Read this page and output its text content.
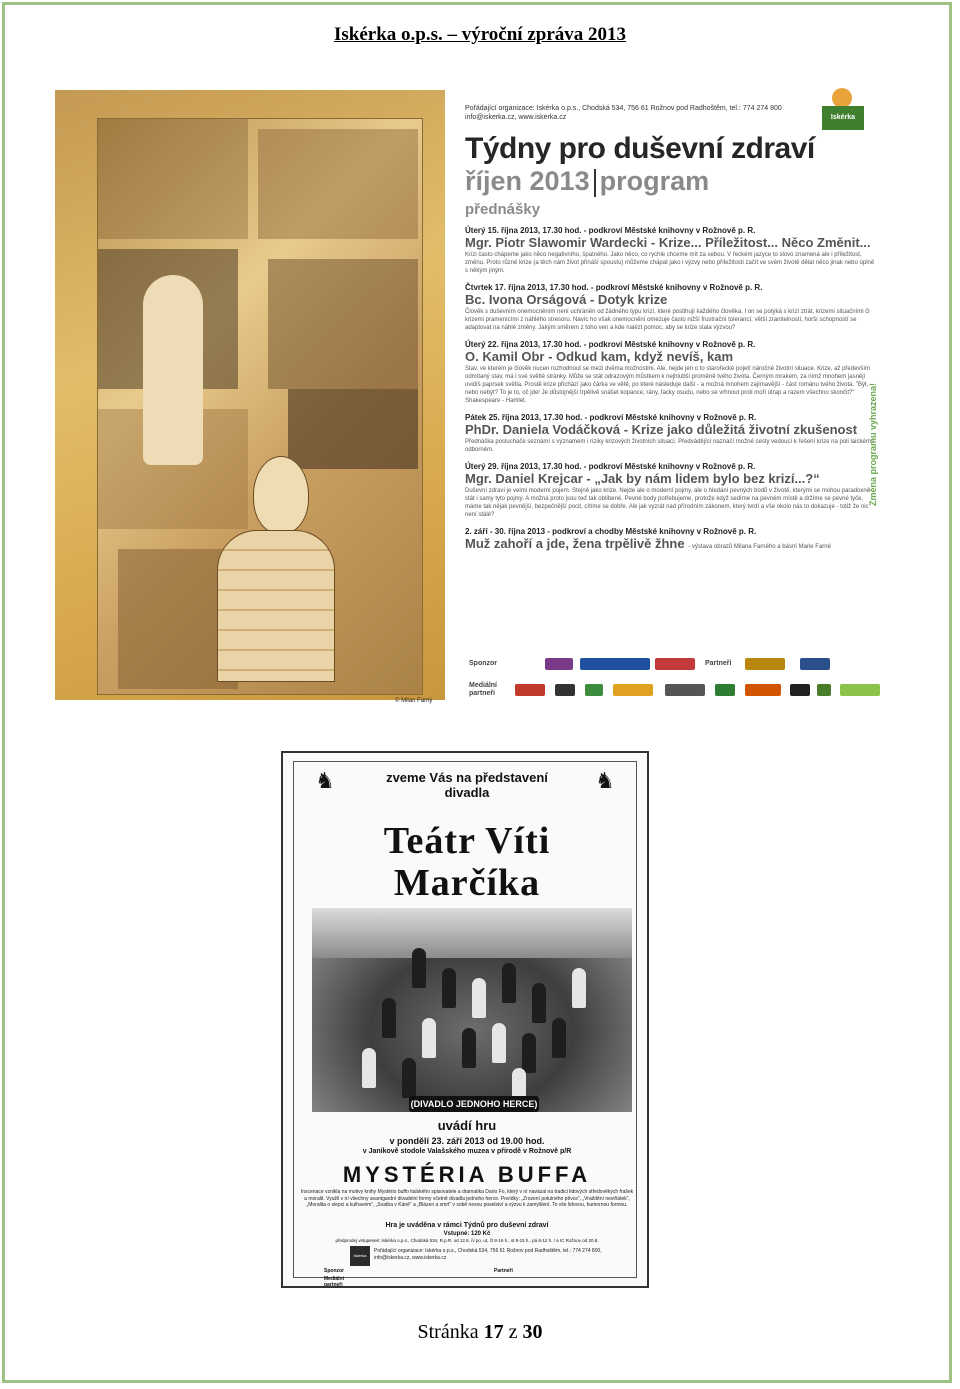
Iskérka o.p.s. – výroční zpráva 2013
© Milan Farný
Iskérka
Pořádající organizace: Iskérka o.p.s., Chodská 534, 756 61 Rožnov pod Radhoštěm, tel.: 774 274 800
info@iskerka.cz, www.iskerka.cz
Týdny pro duševní zdraví
říjen 2013 program
přednášky
Úterý 15. října 2013, 17.30 hod. - podkroví Městské knihovny v Rožnově p. R.
Mgr. Piotr Slawomir Wardecki - Krize... Příležitost... Něco Změnit...
Krizi často chápeme jako něco negativního, špatného. Jako něco, co rychle chceme mít za sebou. V řeckém jazyce to slovo znamená ale i příležitost, změnu. Proto různé krize (a těch nám život přináší spoustu) můžeme chápat jako i výzvy nebo příležitosti začít ve svém životě dělat něco jinak nebo úplně s někým jiným.
Čtvrtek 17. října 2013, 17.30 hod. - podkroví Městské knihovny v Rožnově p. R.
Bc. Ivona Orságová - Dotyk krize
Člověk s duševním onemocněním není uchráněn od žádného typu krizí, které postihují každého člověka. I on se potýká s krizí ztrát, krizemi situačními či krizemi pramenícími z náhlého stresoru. Navíc ho však onemocnění omezuje často nižší frustrační tolerancí, větší zranitelností, horší schopností se adaptovat na náhlé změny. Jakým směrem z toho ven a kde nalézt pomoc, aby se krize stala výzvou?
Úterý 22. října 2013, 17.30 hod. - podkroví Městské knihovny v Rožnově p. R.
O. Kamil Obr - Odkud kam, když nevíš, kam
Stav, ve kterém je člověk nucen rozhodnout se mezi dvěma možnostmi. Ale, nejde jen o to starořecké pojetí náročné životní situace. Krize, až především odmítaný stav, má i své světlé stránky. Může se stát odrazovým můstkem k nejhlubší proměně tvého života. Černým mrakem, za nímž mnohem jasněji uvidíš paprsek světla. Prostě krize přichází jako čárka ve větě, po které následuje další - a možná mnohem zajímavější - část románu tvého života. "Být, nebo nebýt? To je to, oč jde! Je důstojnější trpělivě snášet kopance, rány, facky osudu, nebo se vrhnout proti moři útrap a razem všechno skončit?" Shakespeare - Hamlet.
Pátek 25. října 2013, 17.30 hod. - podkroví Městské knihovny v Rožnově p. R.
PhDr. Daniela Vodáčková - Krize jako důležitá životní zkušenost
Přednáška posluchače seznámí s významem i riziky krizových životních situací. Předvádějící naznačí možné cesty vedoucí k řešení krize na poli laickém i odborném.
Úterý 29. října 2013, 17.30 hod. - podkroví Městské knihovny v Rožnově p. R.
Mgr. Daniel Krejcar - „Jak by nám lidem bylo bez krizí...?“
Duševní zdraví je velmi moderní pojem. Stejně jako krize. Nejde ale o moderní pojmy, ale o hledání pevných bodů v životě, kterými se mohou paradoxně stát i samy tyto pojmy. A možná proto jsou teď tak oblíbené. Pevné body potřebujeme, protože když sedíme na pevném místě a držíme se pevné tyče, máme tak nějak pevnější, bezpečnější pocit, cítíme se dobře. Ale jak vyzrát nad přírodním zákonem, který tvrdí a vše okolo nás to dokazuje - totiž že nic není stálé?
2. září - 30. října 2013 - podkroví a chodby Městské knihovny v Rožnově p. R.
Muž zahoří a jde, žena trpělivě žhne - výstava obrazů Milana Farného a básní Marie Farné
Změna programu vyhrazena!
Sponzor	Partneři
Mediální partneři
♞	♞
zveme Vás na představení divadla
Teátr Víti Marčíka
(DIVADLO JEDNOHO HERCE)
uvádí hru
v pondělí 23. září 2013 od 19.00 hod.
v Janíkově stodole Valašského muzea v přírodě v Rožnově p/R
MYSTÉRIA BUFFA
Inscenace vznikla na motivy knihy Mystério buffo italského spisovatele a dramatika Dario Fo, který v ní navázal na tradici lidových středověkých frašek a moralit. Využil v ní všechny avantgardní divadelní formy včetně divadla jednoho herce. Povídky: „Zrození potulného pěvce“, „Vraždění neviňátek“, „Moralita o slepci a kulhavém“, „Svatba v Káně“ a „Blázen a smrt“ v sobě nesou poselství a výzvu k zamyšlení. To vše lidovou, humornou formou.
Hra je uváděna v rámci Týdnů pro duševní zdraví
Vstupné: 120 Kč
předprodej vstupenek: Iskérka o.p.s., Chodská 534, R.p.R. od 12.8. /v po, ut, čt 8-16 h., st 8-15 h., pá 8-12 h. / a IC Rožnov od 20.8.
Iskérka
Pořádající organizace: Iskérka o.p.s., Chodská 534, 756 61 Rožnov pod Radhoštěm, tel.: 774 274 800, info@iskerka.cz, www.iskerka.cz
Sponzor	Partneři
Mediální partneři
Stránka 17 z 30
